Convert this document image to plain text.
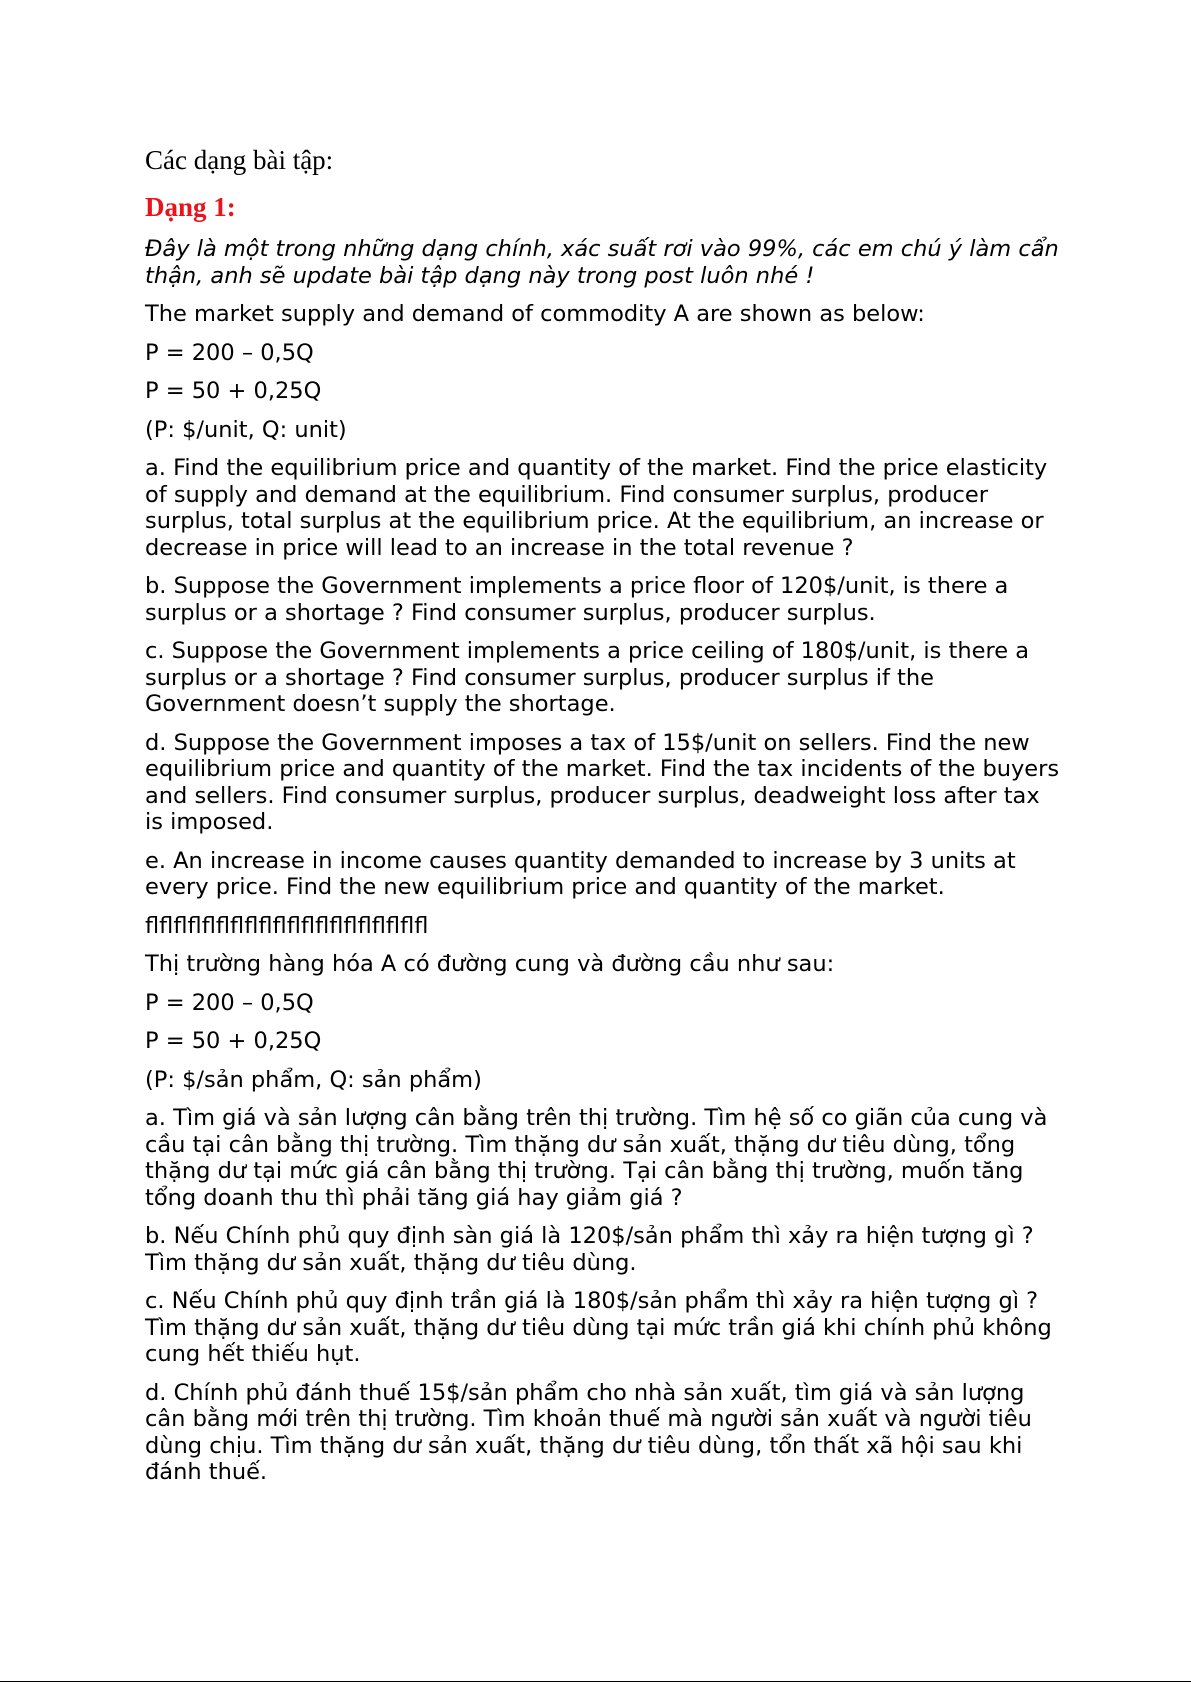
Các dạng bài tập:
Dạng 1:

Đây là một trong những dạng chính, xác suất rơi vào 99%, các em chú ý làm cẩn thận, anh sẽ update bài tập dạng này trong post luôn nhé !

The market supply and demand of commodity A are shown as below:

P = 200 – 0,5Q

P = 50 + 0,25Q

(P: $/unit, Q: unit)

a. Find the equilibrium price and quantity of the market. Find the price elasticity of supply and demand at the equilibrium. Find consumer surplus, producer surplus, total surplus at the equilibrium price. At the equilibrium, an increase or decrease in price will lead to an increase in the total revenue ?

b. Suppose the Government implements a price floor of 120$/unit, is there a surplus or a shortage ? Find consumer surplus, producer surplus.

c. Suppose the Government implements a price ceiling of 180$/unit, is there a surplus or a shortage ? Find consumer surplus, producer surplus if the Government doesn’t supply the shortage.

d. Suppose the Government imposes a tax of 15$/unit on sellers. Find the new equilibrium price and quantity of the market. Find the tax incidents of the buyers and sellers. Find consumer surplus, producer surplus, deadweight loss after tax is imposed.

e. An increase in income causes quantity demanded to increase by 3 units at every price. Find the new equilibrium price and quantity of the market.

flflflflflflflflflflflflflflflflflflflfl

Thị trường hàng hóa A có đường cung và đường cầu như sau:

P = 200 – 0,5Q

P = 50 + 0,25Q

(P: $/sản phẩm, Q: sản phẩm)

a. Tìm giá và sản lượng cân bằng trên thị trường. Tìm hệ số co giãn của cung và cầu tại cân bằng thị trường. Tìm thặng dư sản xuất, thặng dư tiêu dùng, tổng thặng dư tại mức giá cân bằng thị trường. Tại cân bằng thị trường, muốn tăng tổng doanh thu thì phải tăng giá hay giảm giá ?

b. Nếu Chính phủ quy định sàn giá là 120$/sản phẩm thì xảy ra hiện tượng gì ? Tìm thặng dư sản xuất, thặng dư tiêu dùng.

c. Nếu Chính phủ quy định trần giá là 180$/sản phẩm thì xảy ra hiện tượng gì ? Tìm thặng dư sản xuất, thặng dư tiêu dùng tại mức trần giá khi chính phủ không cung hết thiếu hụt.

d. Chính phủ đánh thuế 15$/sản phẩm cho nhà sản xuất, tìm giá và sản lượng cân bằng mới trên thị trường. Tìm khoản thuế mà người sản xuất và người tiêu dùng chịu. Tìm thặng dư sản xuất, thặng dư tiêu dùng, tổn thất xã hội sau khi đánh thuế.
